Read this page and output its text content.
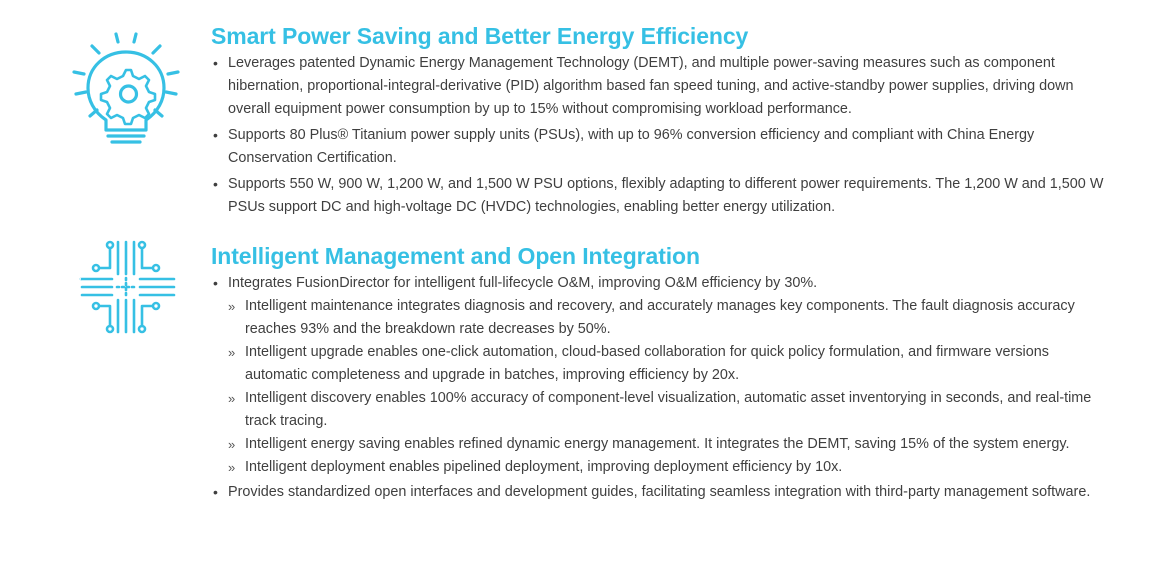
Smart Power Saving and Better Energy Efficiency
• Leverages patented Dynamic Energy Management Technology (DEMT), and multiple power-saving measures such as component hibernation, proportional-integral-derivative (PID) algorithm based fan speed tuning, and active-standby power supplies, driving down overall equipment power consumption by up to 15% without compromising workload performance.
• Supports 80 Plus® Titanium power supply units (PSUs), with up to 96% conversion efficiency and compliant with China Energy Conservation Certification.
• Supports 550 W, 900 W, 1,200 W, and 1,500 W PSU options, flexibly adapting to different power requirements. The 1,200 W and 1,500 W PSUs support DC and high-voltage DC (HVDC) technologies, enabling better energy utilization.
Intelligent Management and Open Integration
• Integrates FusionDirector for intelligent full-lifecycle O&M, improving O&M efficiency by 30%.
» Intelligent maintenance integrates diagnosis and recovery, and accurately manages key components. The fault diagnosis accuracy reaches 93% and the breakdown rate decreases by 50%.
» Intelligent upgrade enables one-click automation, cloud-based collaboration for quick policy formulation, and firmware versions automatic completeness and upgrade in batches, improving efficiency by 20x.
» Intelligent discovery enables 100% accuracy of component-level visualization, automatic asset inventorying in seconds, and real-time track tracing.
» Intelligent energy saving enables refined dynamic energy management. It integrates the DEMT, saving 15% of the system energy.
» Intelligent deployment enables pipelined deployment, improving deployment efficiency by 10x.
• Provides standardized open interfaces and development guides, facilitating seamless integration with third-party management software.
